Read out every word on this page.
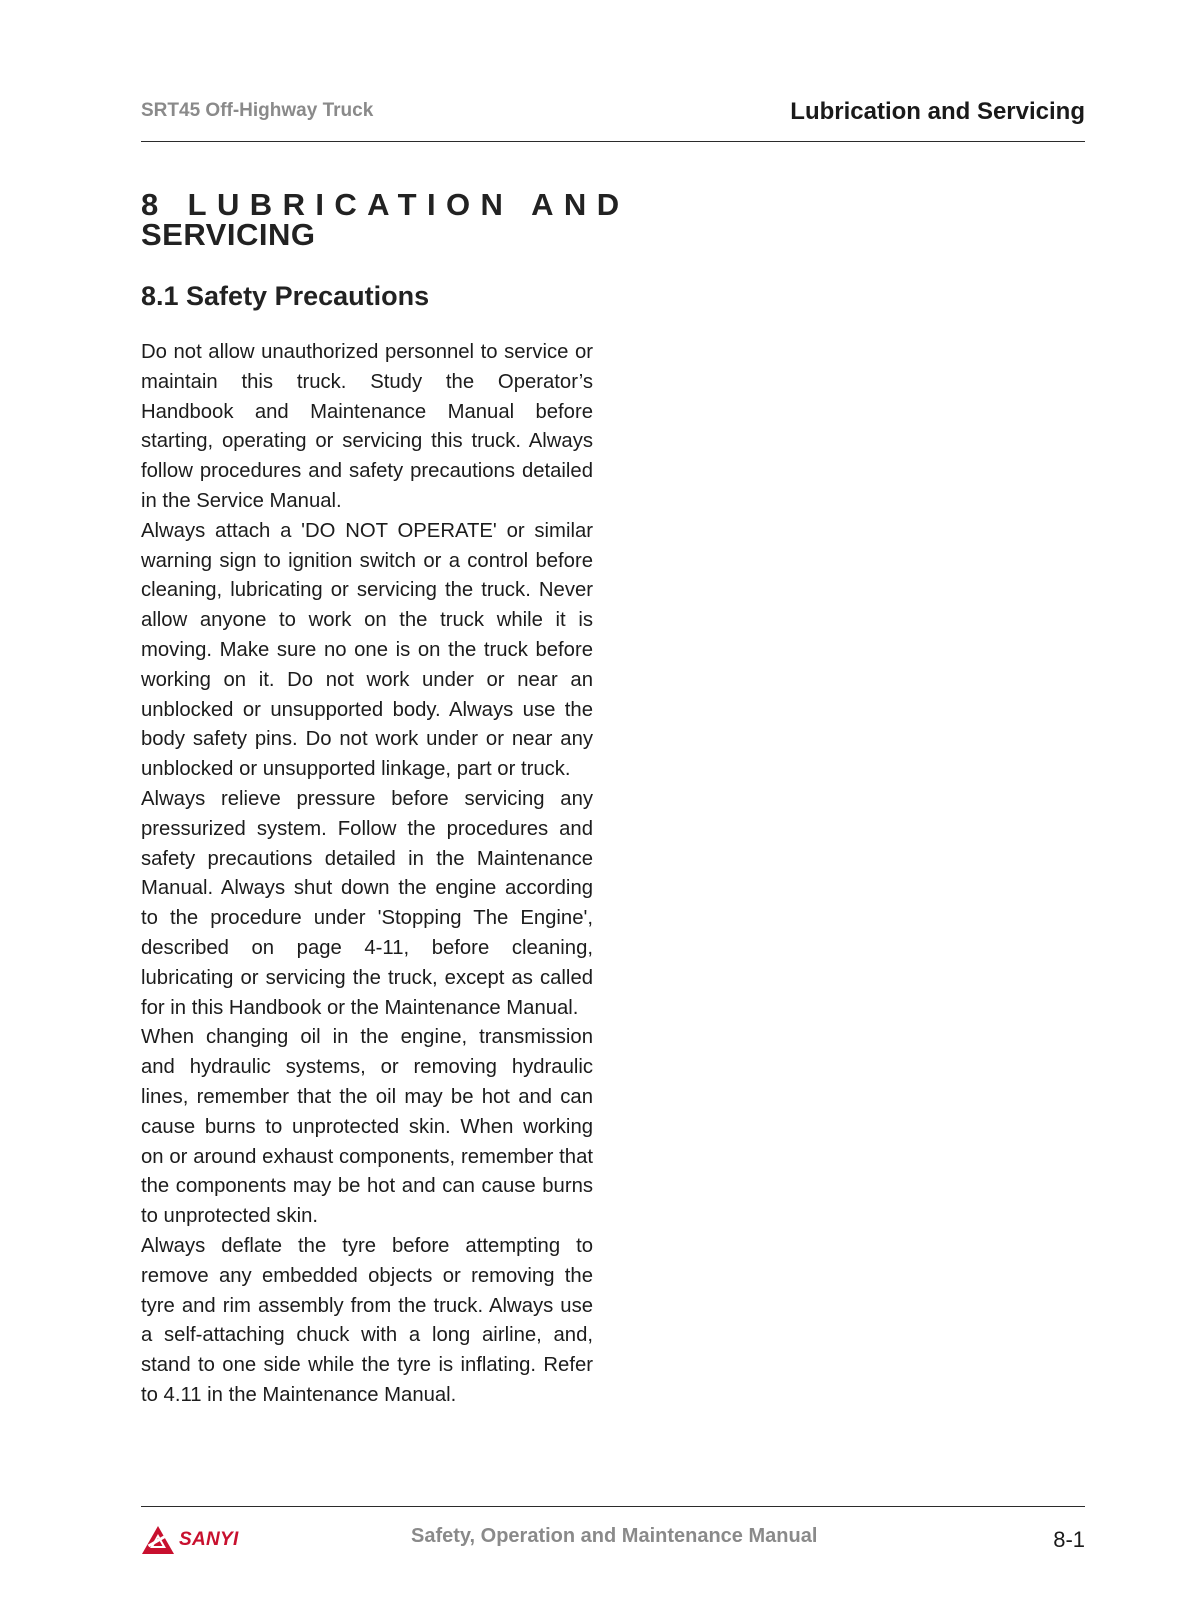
SRT45 Off-Highway Truck	Lubrication and Servicing
8 LUBRICATION AND
SERVICING
8.1 Safety Precautions

Do not allow unauthorized personnel to service or maintain this truck. Study the Operator’s Handbook and Maintenance Manual before starting, operating or servicing this truck. Always follow procedures and safety precautions detailed in the Service Manual.

Always attach a 'DO NOT OPERATE' or similar warning sign to ignition switch or a control before cleaning, lubricating or servicing the truck. Never allow anyone to work on the truck while it is moving. Make sure no one is on the truck before working on it. Do not work under or near an unblocked or unsupported body. Always use the body safety pins. Do not work under or near any unblocked or unsupported linkage, part or truck.

Always relieve pressure before servicing any pressurized system. Follow the procedures and safety precautions detailed in the Maintenance Manual. Always shut down the engine according to the procedure under 'Stopping The Engine', described on page 4-11, before cleaning, lubricating or servicing the truck, except as called for in this Handbook or the Maintenance Manual.

When changing oil in the engine, transmission and hydraulic systems, or removing hydraulic lines, remember that the oil may be hot and can cause burns to unprotected skin. When working on or around exhaust components, remember that the components may be hot and can cause burns to unprotected skin.

Always deflate the tyre before attempting to remove any embedded objects or removing the tyre and rim assembly from the truck. Always use a self-attaching chuck with a long airline, and, stand to one side while the tyre is inflating. Refer to 4.11 in the Maintenance Manual.

SANYI	Safety, Operation and Maintenance Manual	8-1
